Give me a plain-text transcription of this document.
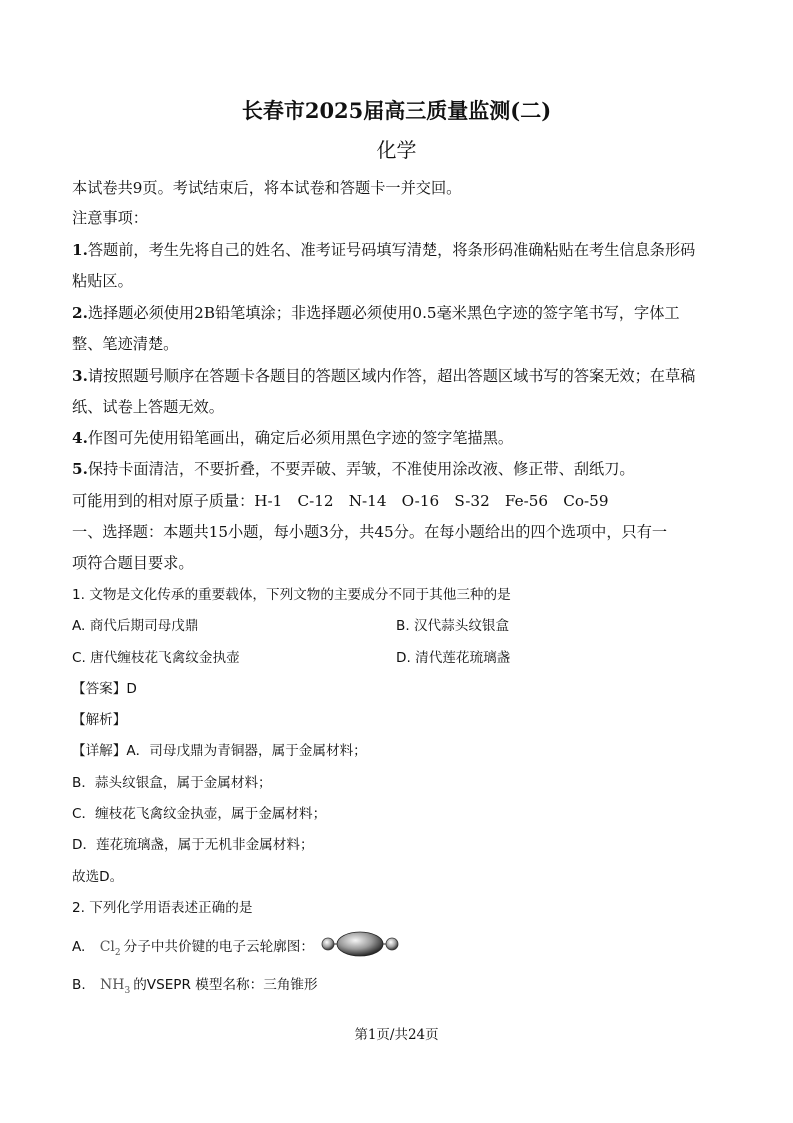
长春市2025届高三质量监测(二)
化学
本试卷共9页。考试结束后，将本试卷和答题卡一并交回。
注意事项：
1.答题前，考生先将自己的姓名、准考证号码填写清楚，将条形码准确粘贴在考生信息条形码
粘贴区。
2.选择题必须使用2B铅笔填涂；非选择题必须使用0.5毫米黑色字迹的签字笔书写，字体工
整、笔迹清楚。
3.请按照题号顺序在答题卡各题目的答题区域内作答，超出答题区域书写的答案无效；在草稿
纸、试卷上答题无效。
4.作图可先使用铅笔画出，确定后必须用黑色字迹的签字笔描黑。
5.保持卡面清洁，不要折叠，不要弄破、弄皱，不准使用涂改液、修正带、刮纸刀。
可能用到的相对原子质量：H-1　C-12　N-14　O-16　S-32　Fe-56　Co-59
一、选择题：本题共15小题，每小题3分，共45分。在每小题给出的四个选项中，只有一
项符合题目要求。
1. 文物是文化传承的重要载体，下列文物的主要成分不同于其他三种的是
A. 商代后期司母戊鼎	B. 汉代蒜头纹银盒
C. 唐代缠枝花飞禽纹金执壶	D. 清代莲花琉璃盏
【答案】D
【解析】
【详解】A．司母戊鼎为青铜器，属于金属材料；
B．蒜头纹银盒，属于金属材料；
C．缠枝花飞禽纹金执壶，属于金属材料；
D．莲花琉璃盏，属于无机非金属材料；
故选D。
2. 下列化学用语表述正确的是
A. $Cl_2$ 分子中共价键的电子云轮廓图：
B. $NH_3$ 的VSEPR 模型名称：三角锥形
第1页/共24页
